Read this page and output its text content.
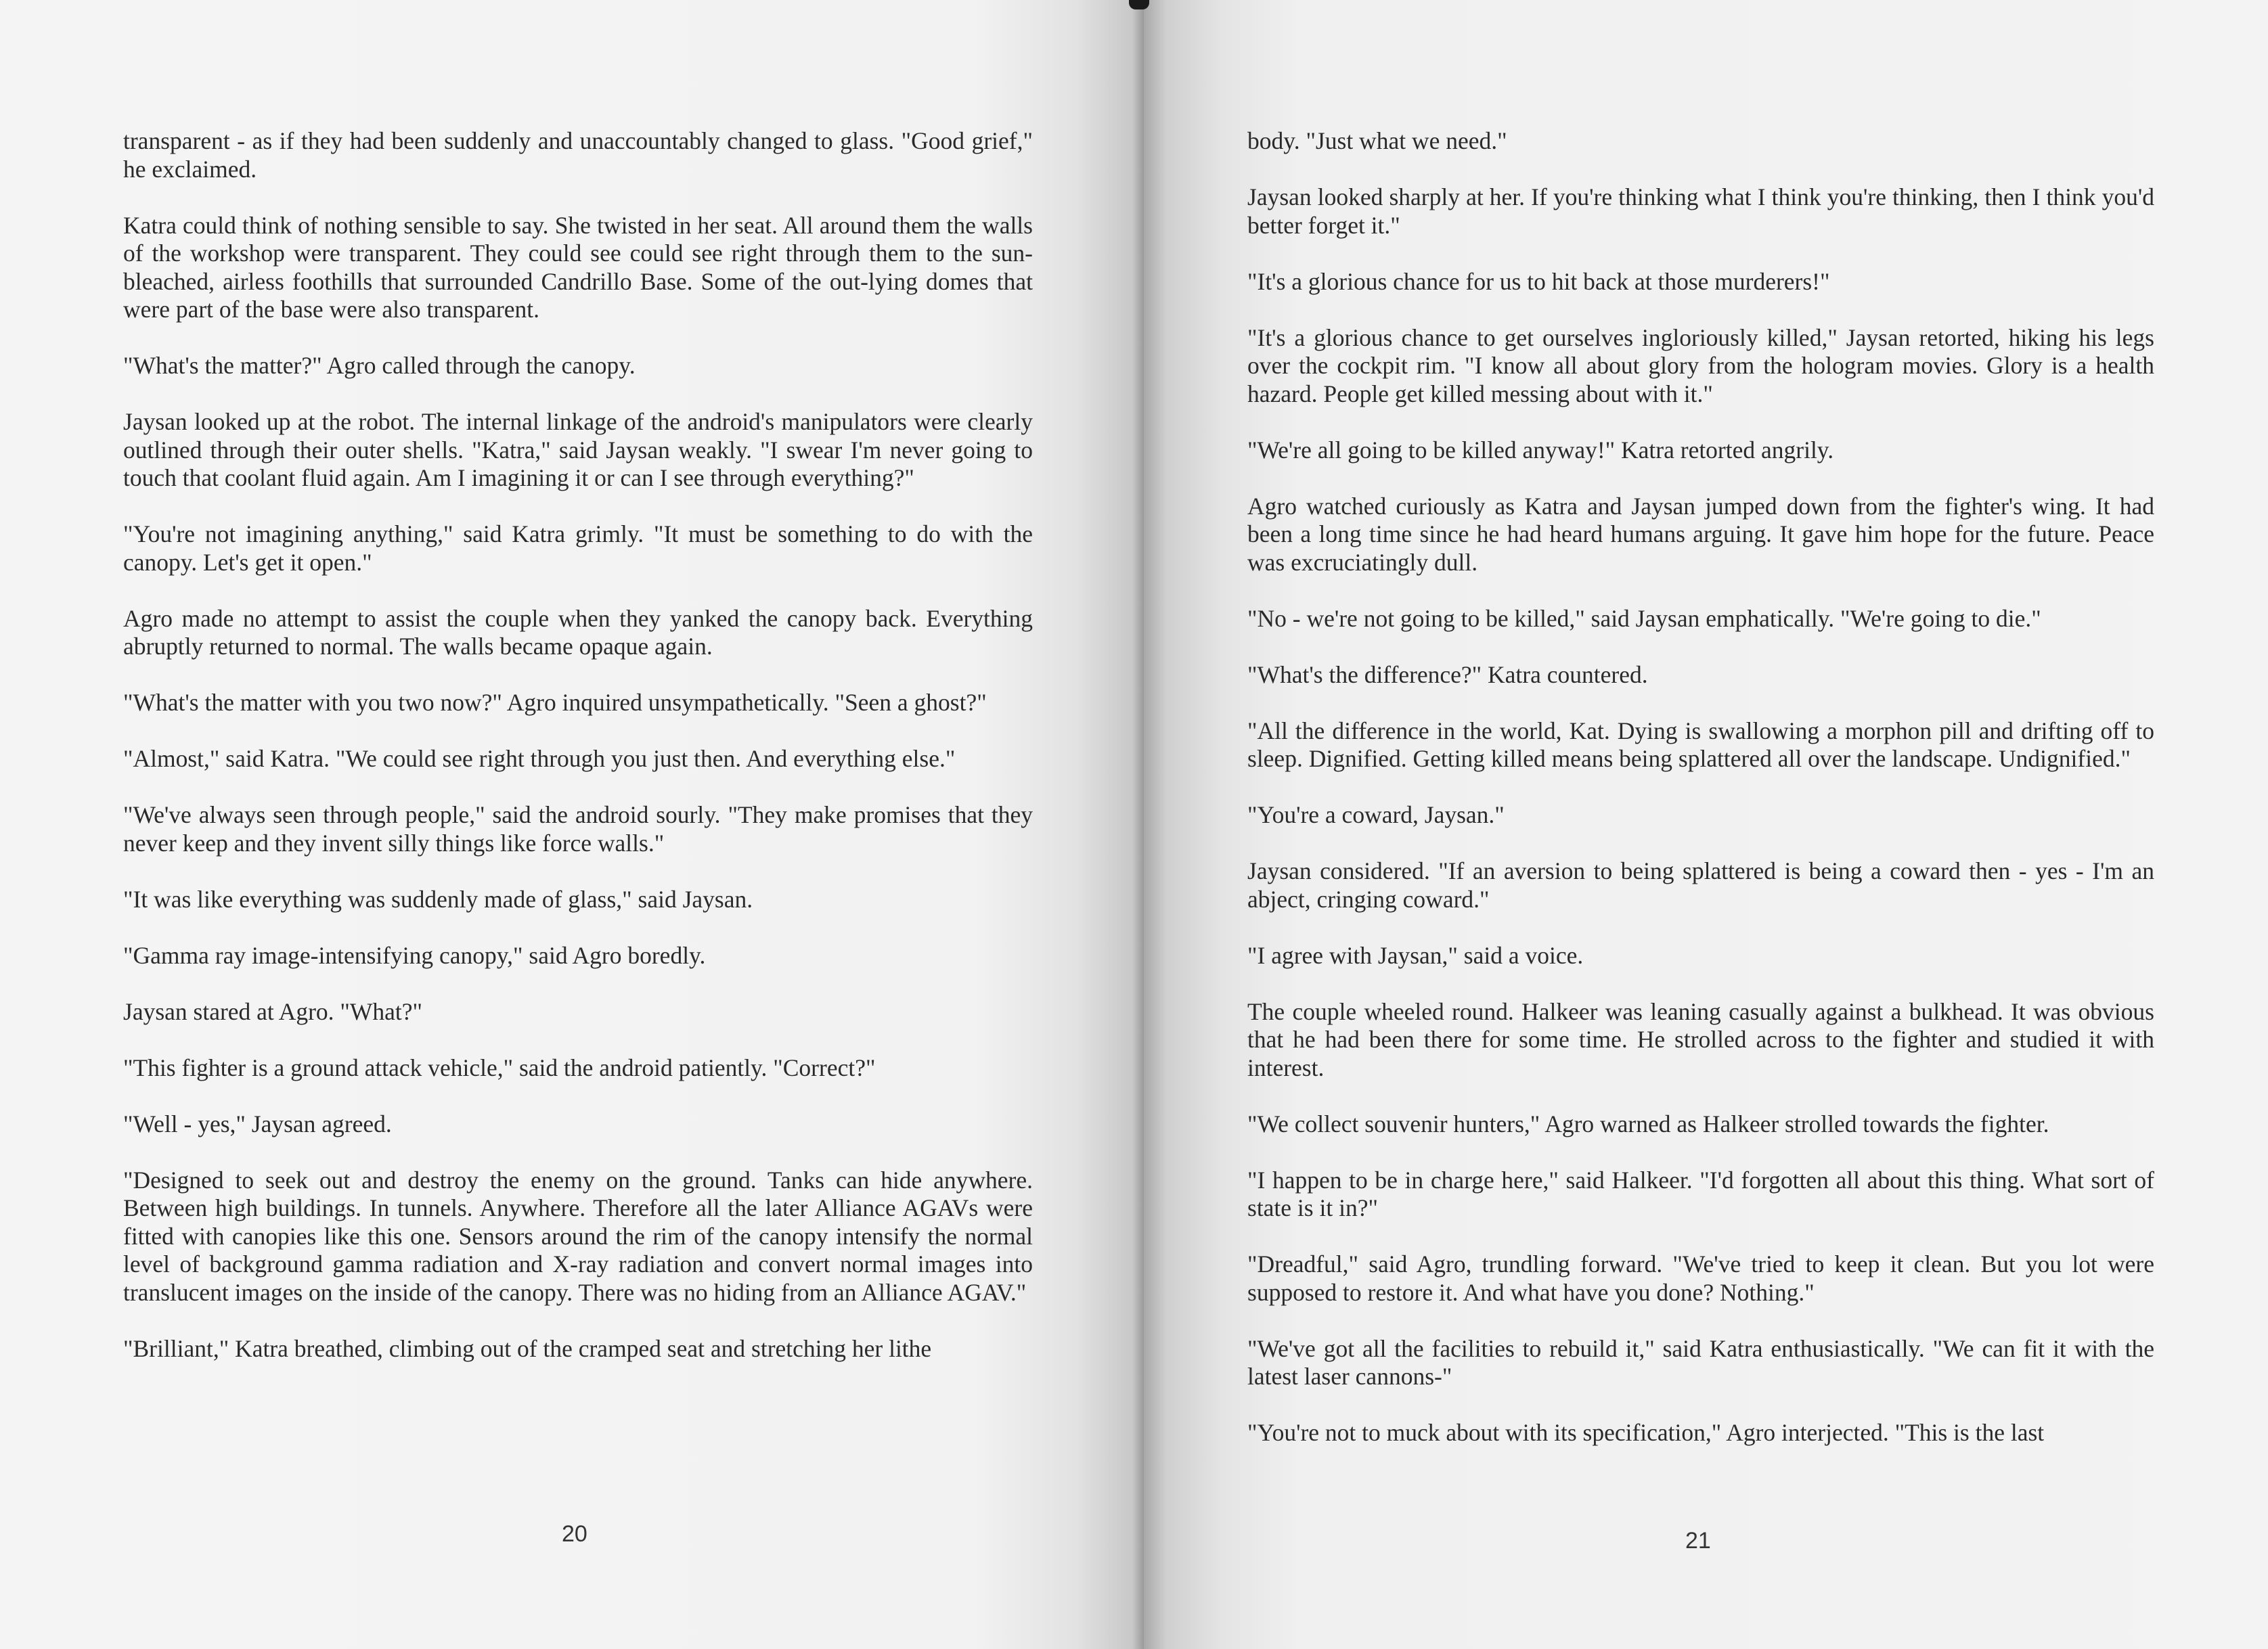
transparent - as if they had been suddenly and unaccountably changed to glass. "Good grief," he exclaimed.

Katra could think of nothing sensible to say. She twisted in her seat. All around them the walls of the workshop were transparent. They could see could see right through them to the sun-bleached, airless foothills that surrounded Candrillo Base. Some of the out-lying domes that were part of the base were also transparent.

"What's the matter?" Agro called through the canopy.

Jaysan looked up at the robot. The internal linkage of the android's manipulators were clearly outlined through their outer shells. "Katra," said Jaysan weakly. "I swear I'm never going to touch that coolant fluid again. Am I imagining it or can I see through everything?"

"You're not imagining anything," said Katra grimly. "It must be something to do with the canopy. Let's get it open."

Agro made no attempt to assist the couple when they yanked the canopy back. Everything abruptly returned to normal. The walls became opaque again.

"What's the matter with you two now?" Agro inquired unsympathetically. "Seen a ghost?"

"Almost," said Katra. "We could see right through you just then. And everything else."

"We've always seen through people," said the android sourly. "They make promises that they never keep and they invent silly things like force walls."

"It was like everything was suddenly made of glass," said Jaysan.

"Gamma ray image-intensifying canopy," said Agro boredly.

Jaysan stared at Agro. "What?"

"This fighter is a ground attack vehicle," said the android patiently. "Correct?"

"Well - yes," Jaysan agreed.

"Designed to seek out and destroy the enemy on the ground. Tanks can hide anywhere. Between high buildings. In tunnels. Anywhere. Therefore all the later Alliance AGAVs were fitted with canopies like this one. Sensors around the rim of the canopy intensify the normal level of background gamma radiation and X-ray radiation and convert normal images into translucent images on the inside of the canopy. There was no hiding from an Alliance AGAV."

"Brilliant," Katra breathed, climbing out of the cramped seat and stretching her lithe

20

body. "Just what we need."

Jaysan looked sharply at her. If you're thinking what I think you're thinking, then I think you'd better forget it."

"It's a glorious chance for us to hit back at those murderers!"

"It's a glorious chance to get ourselves ingloriously killed," Jaysan retorted, hiking his legs over the cockpit rim. "I know all about glory from the hologram movies. Glory is a health hazard. People get killed messing about with it."

"We're all going to be killed anyway!" Katra retorted angrily.

Agro watched curiously as Katra and Jaysan jumped down from the fighter's wing. It had been a long time since he had heard humans arguing. It gave him hope for the future. Peace was excruciatingly dull.

"No - we're not going to be killed," said Jaysan emphatically. "We're going to die."

"What's the difference?" Katra countered.

"All the difference in the world, Kat. Dying is swallowing a morphon pill and drifting off to sleep. Dignified. Getting killed means being splattered all over the landscape. Undignified."

"You're a coward, Jaysan."

Jaysan considered. "If an aversion to being splattered is being a coward then - yes - I'm an abject, cringing coward."

"I agree with Jaysan," said a voice.

The couple wheeled round. Halkeer was leaning casually against a bulkhead. It was obvious that he had been there for some time. He strolled across to the fighter and studied it with interest.

"We collect souvenir hunters," Agro warned as Halkeer strolled towards the fighter.

"I happen to be in charge here," said Halkeer. "I'd forgotten all about this thing. What sort of state is it in?"

"Dreadful," said Agro, trundling forward. "We've tried to keep it clean. But you lot were supposed to restore it. And what have you done? Nothing."

"We've got all the facilities to rebuild it," said Katra enthusiastically. "We can fit it with the latest laser cannons-"

"You're not to muck about with its specification," Agro interjected. "This is the last

21
